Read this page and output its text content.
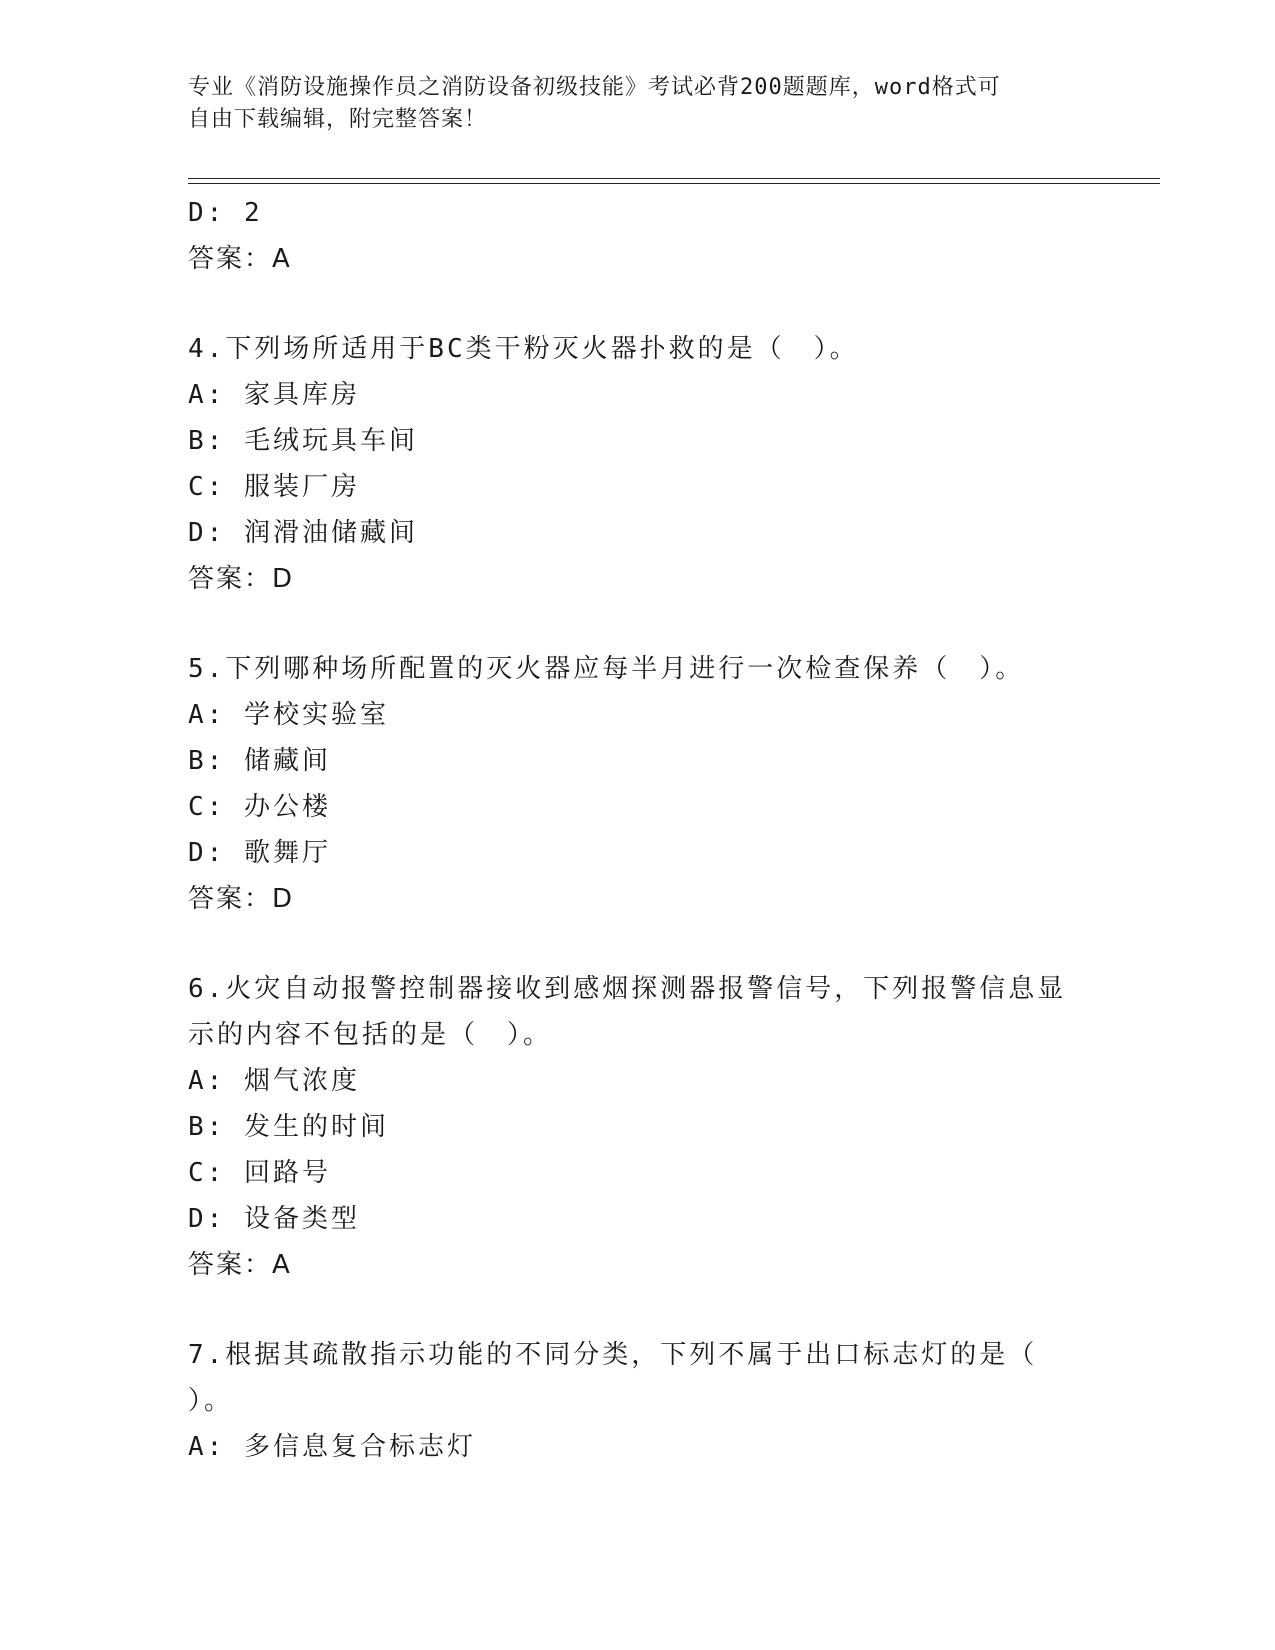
专业《消防设施操作员之消防设备初级技能》考试必背200题题库，word格式可
自由下载编辑，附完整答案！
D: 2
答案：A
4.下列场所适用于BC类干粉灭火器扑救的是（　）。
A: 家具库房
B: 毛绒玩具车间
C: 服装厂房
D: 润滑油储藏间
答案：D
5.下列哪种场所配置的灭火器应每半月进行一次检查保养（　）。
A: 学校实验室
B: 储藏间
C: 办公楼
D: 歌舞厅
答案：D
6.火灾自动报警控制器接收到感烟探测器报警信号，下列报警信息显
示的内容不包括的是（　）。
A: 烟气浓度
B: 发生的时间
C: 回路号
D: 设备类型
答案：A
7.根据其疏散指示功能的不同分类，下列不属于出口标志灯的是（
）。
A: 多信息复合标志灯
